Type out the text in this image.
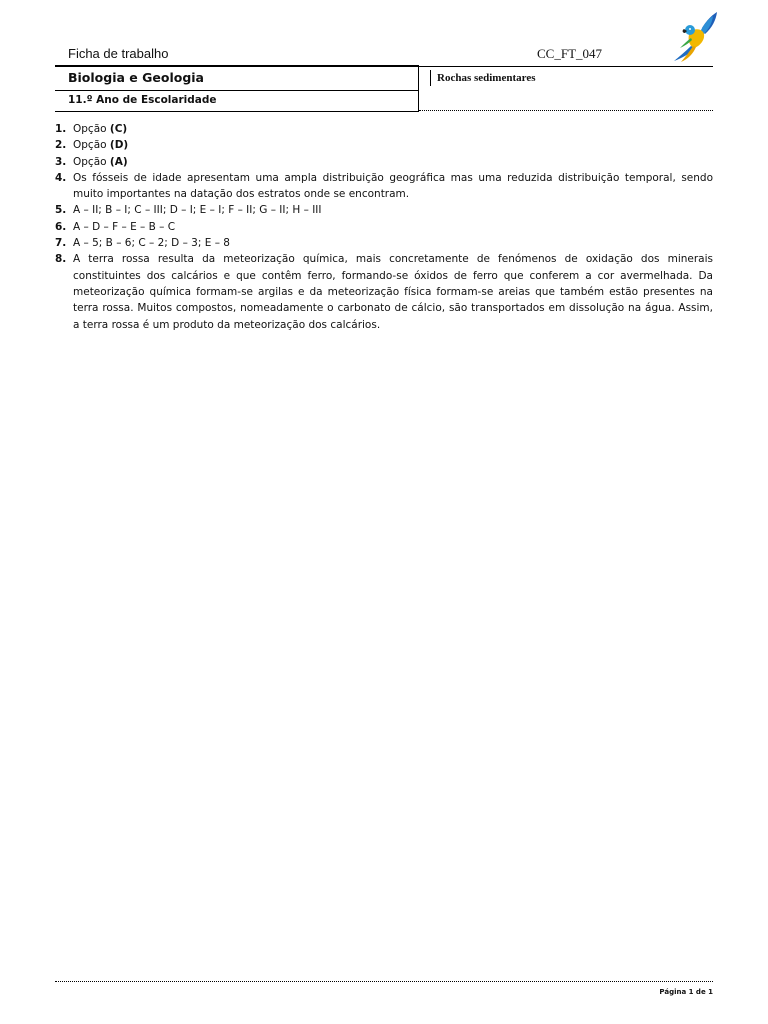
Ficha de trabalho	CC_FT_047
Biologia e Geologia
11.º Ano de Escolaridade
Rochas sedimentares
1. Opção (C)
2. Opção (D)
3. Opção (A)
4. Os fósseis de idade apresentam uma ampla distribuição geográfica mas uma reduzida distribuição temporal, sendo muito importantes na datação dos estratos onde se encontram.
5. A – II; B – I; C – III; D – I; E – I; F – II; G – II; H – III
6. A – D – F – E – B – C
7. A – 5; B – 6; C – 2; D – 3; E – 8
8. A terra rossa resulta da meteorização química, mais concretamente de fenómenos de oxidação dos minerais constituintes dos calcários e que contêm ferro, formando-se óxidos de ferro que conferem a cor avermelhada. Da meteorização química formam-se argilas e da meteorização física formam-se areias que também estão presentes na terra rossa. Muitos compostos, nomeadamente o carbonato de cálcio, são transportados em dissolução na água. Assim, a terra rossa é um produto da meteorização dos calcários.
Página 1 de 1
